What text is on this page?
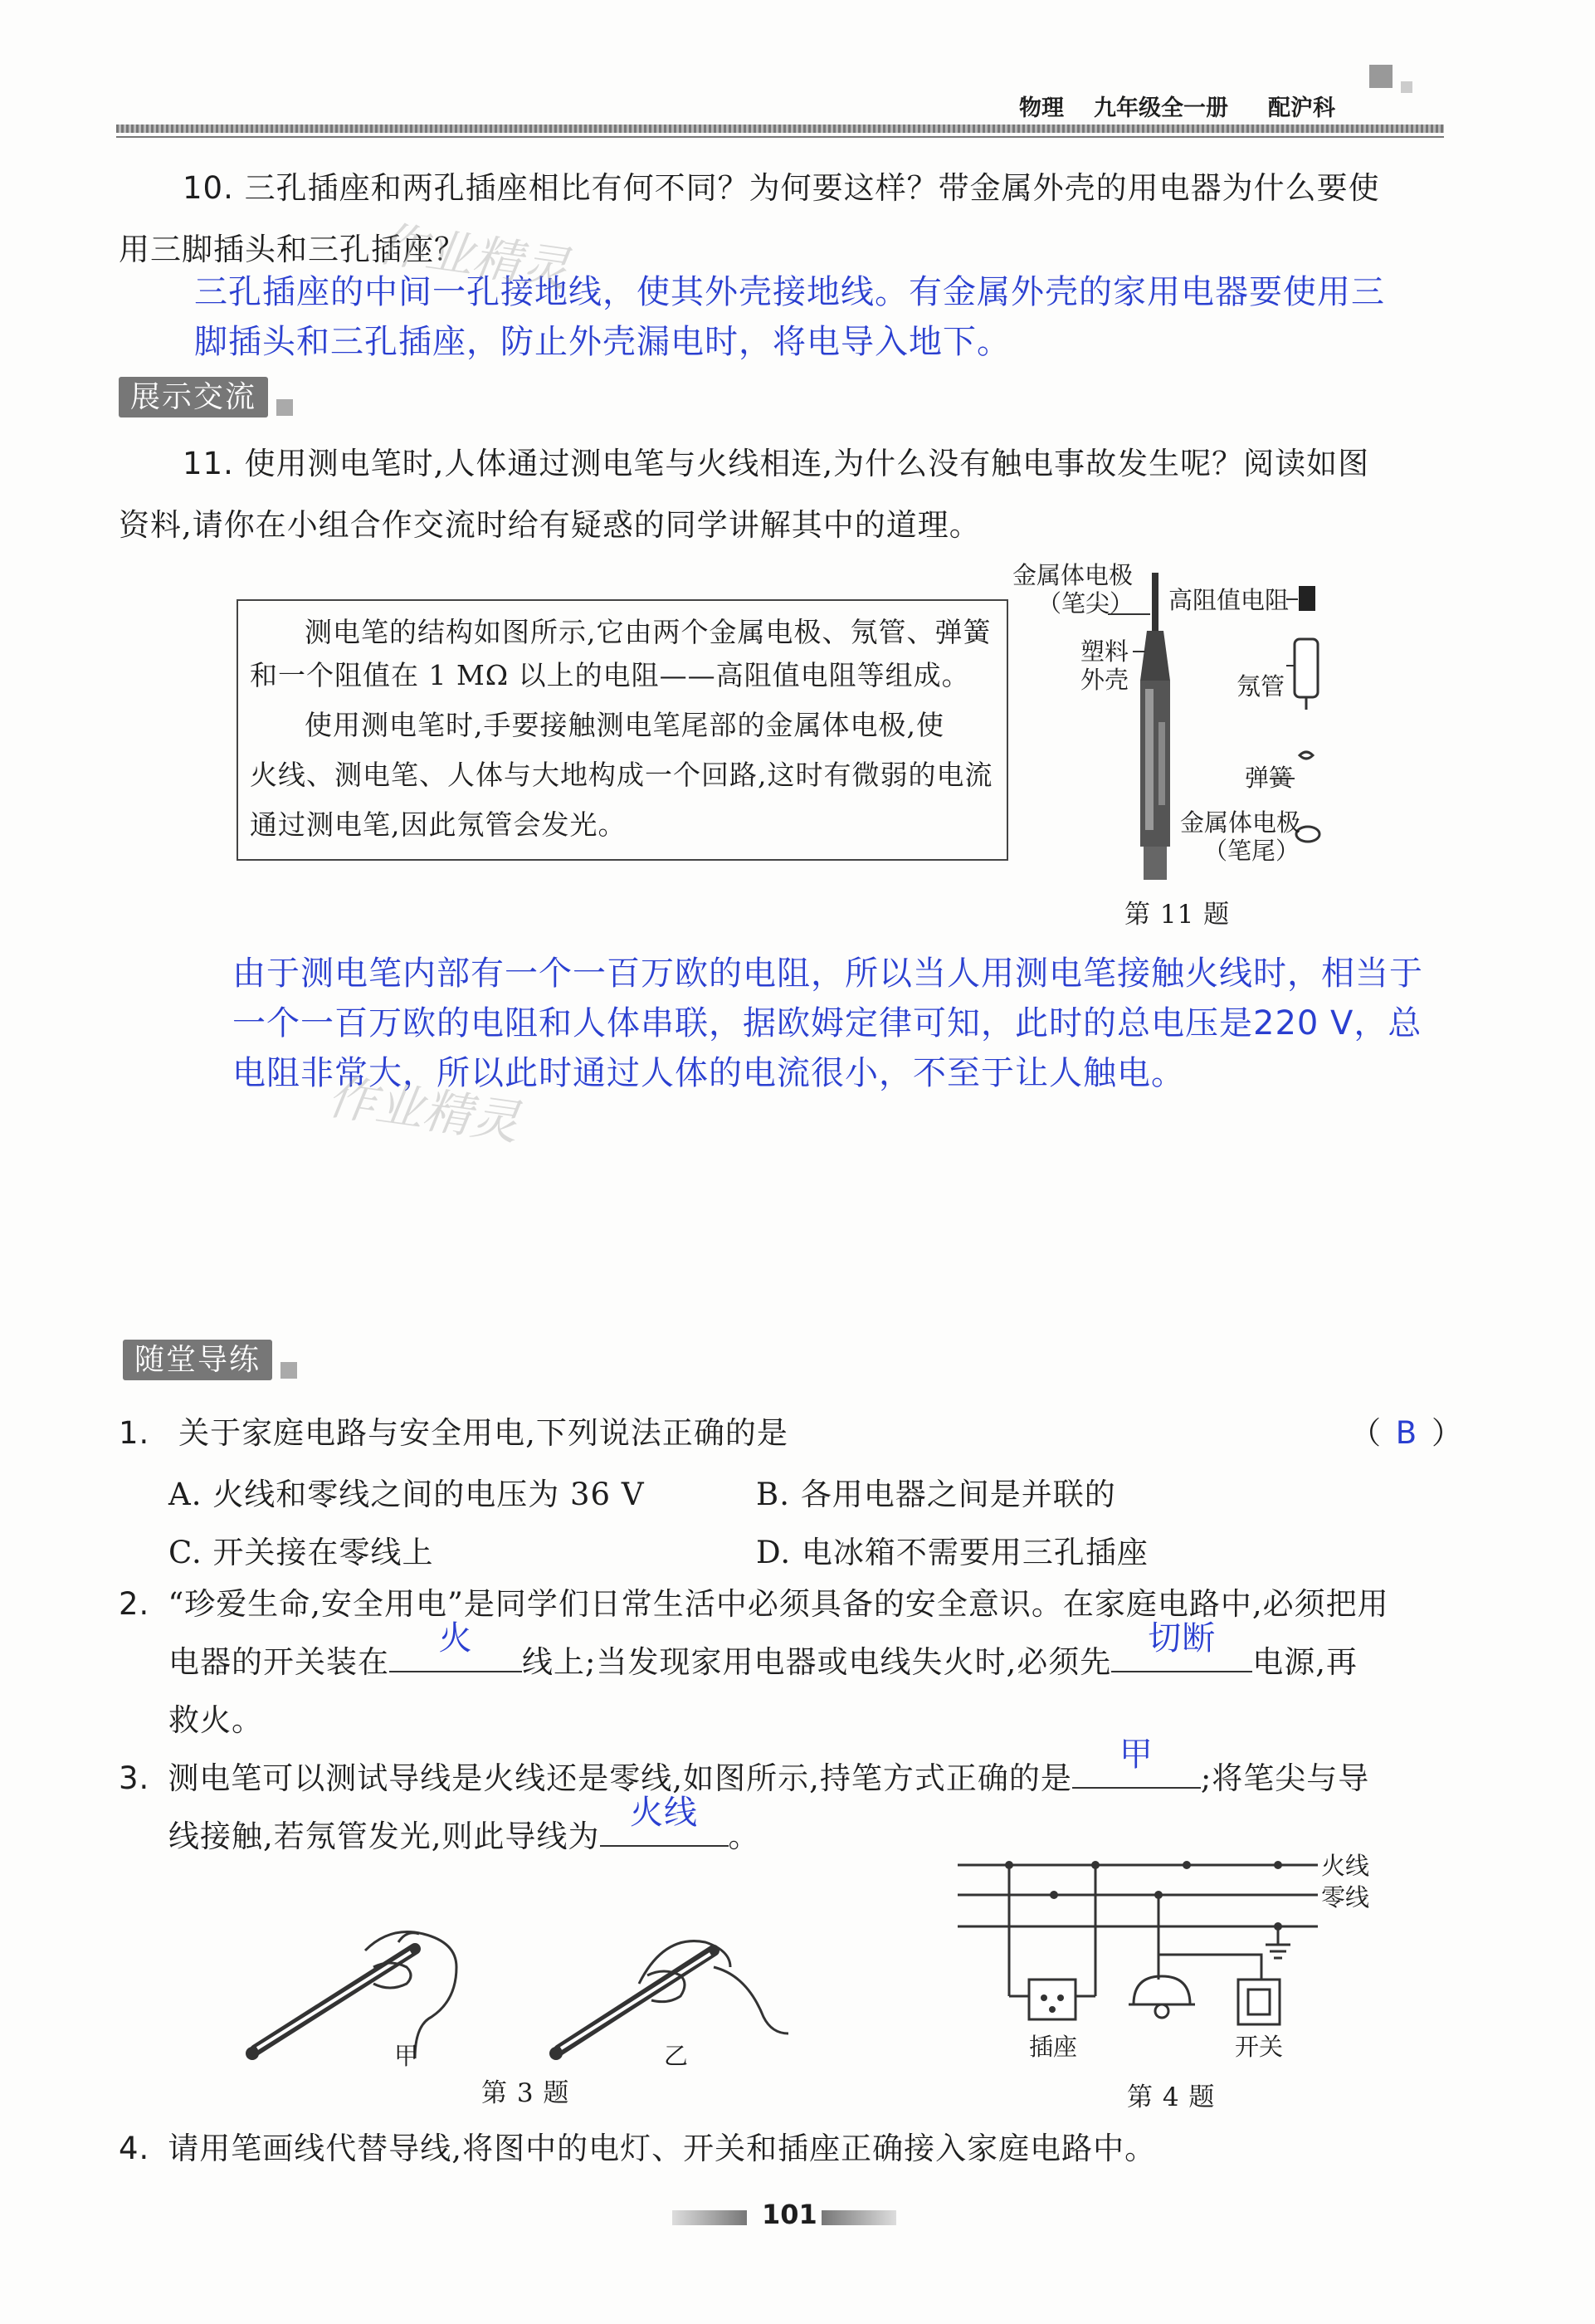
物理 九年级全一册 配沪科
10. 三孔插座和两孔插座相比有何不同？为何要这样？带金属外壳的用电器为什么要使
用三脚插头和三孔插座？
三孔插座的中间一孔接地线，使其外壳接地线。有金属外壳的家用电器要使用三
脚插头和三孔插座，防止外壳漏电时，将电导入地下。
作业精灵
展示交流
11. 使用测电笔时,人体通过测电笔与火线相连,为什么没有触电事故发生呢？阅读如图
资料,请你在小组合作交流时给有疑惑的同学讲解其中的道理。
测电笔的结构如图所示,它由两个金属电极、氖管、弹簧
和一个阻值在 1 MΩ 以上的电阻——高阻值电阻等组成。
使用测电笔时,手要接触测电笔尾部的金属体电极,使
火线、测电笔、人体与大地构成一个回路,这时有微弱的电流
通过测电笔,因此氖管会发光。
金属体电极
（笔尖） 高阻值电阻
塑料
外壳	氖管
弹簧
金属体电极
（笔尾）
第 11 题
由于测电笔内部有一个一百万欧的电阻，所以当人用测电笔接触火线时，相当于
一个一百万欧的电阻和人体串联，据欧姆定律可知，此时的总电压是220 V，总
电阻非常大，所以此时通过人体的电流很小，不至于让人触电。
作业精灵
随堂导练
1. 关于家庭电路与安全用电,下列说法正确的是	（ B ）
A. 火线和零线之间的电压为 36 V	B. 各用电器之间是并联的
C. 开关接在零线上	D. 电冰箱不需要用三孔插座
2. “珍爱生命,安全用电”是同学们日常生活中必须具备的安全意识。在家庭电路中,必须把用
电器的开关装在
火
线上;当发现家用电器或电线失火时,必须先
切断
电源,再
救火。
3. 测电笔可以测试导线是火线还是零线,如图所示,持笔方式正确的是
甲
;将笔尖与导
线接触,若氖管发光,则此导线为
火线
。
甲	乙
第 3 题
火线
零线
插座	开关
第 4 题
4. 请用笔画线代替导线,将图中的电灯、开关和插座正确接入家庭电路中。
101
